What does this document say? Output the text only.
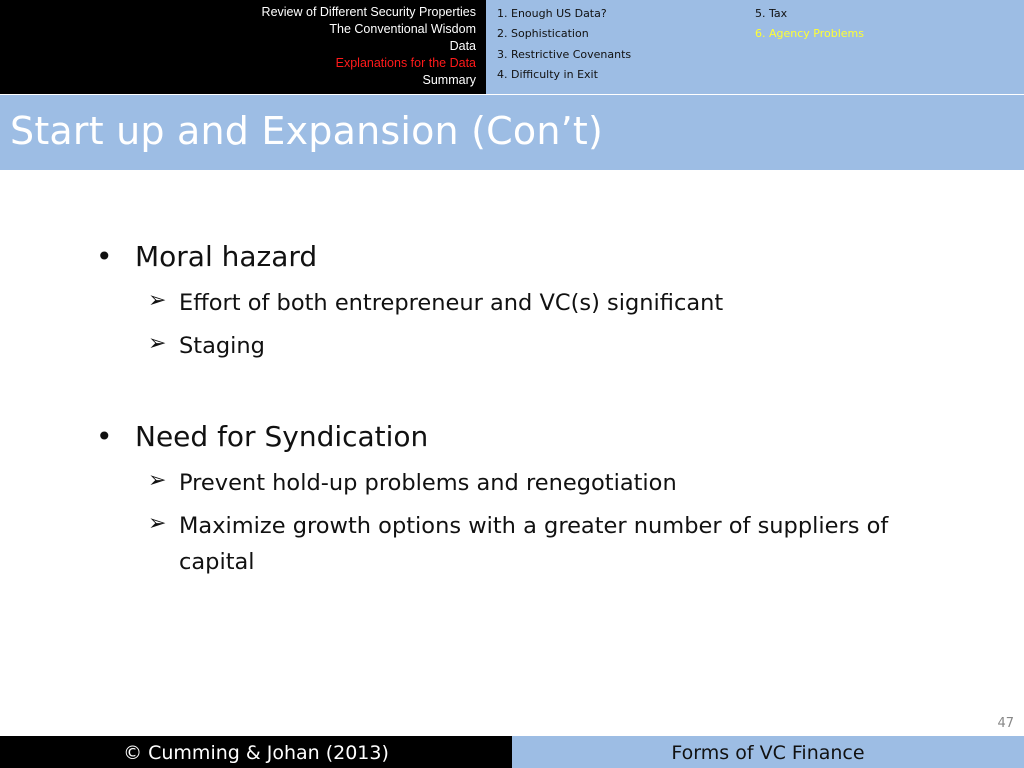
Review of Different Security Properties
The Conventional Wisdom
Data
Explanations for the Data
Summary
1. Enough US Data?
2. Sophistication
3. Restrictive Covenants
4. Difficulty in Exit
5. Tax
6. Agency Problems
Start up and Expansion (Con’t)
• Moral hazard
➢ Effort of both entrepreneur and VC(s) significant
➢ Staging
• Need for Syndication
➢ Prevent hold-up problems and renegotiation
➢ Maximize growth options with a greater number of suppliers of
capital
47
© Cumming & Johan (2013)	Forms of VC Finance
